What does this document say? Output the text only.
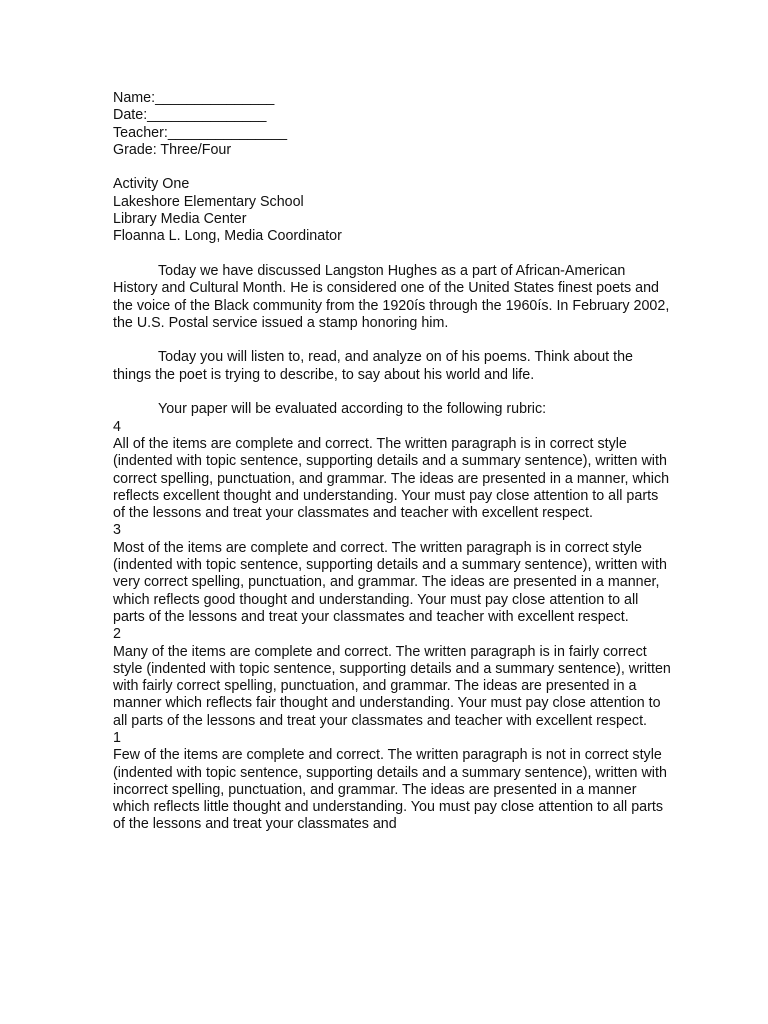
Name:_______________
Date:_______________
Teacher:_______________
Grade: Three/Four
Activity One
Lakeshore Elementary School
Library Media Center
Floanna L. Long, Media Coordinator

Today we have discussed Langston Hughes as a part of African-American History and Cultural Month. He is considered one of the United States finest poets and the voice of the Black community from the 1920ís through the 1960ís. In February 2002, the U.S. Postal service issued a stamp honoring him.

Today you will listen to, read, and analyze on of his poems. Think about the things the poet is trying to describe, to say about his world and life.

Your paper will be evaluated according to the following rubric:

4

All of the items are complete and correct. The written paragraph is in correct style (indented with topic sentence, supporting details and a summary sentence), written with correct spelling, punctuation, and grammar. The ideas are presented in a manner, which reflects excellent thought and understanding. Your must pay close attention to all parts of the lessons and treat your classmates and teacher with excellent respect.

3

Most of the items are complete and correct. The written paragraph is in correct style (indented with topic sentence, supporting details and a summary sentence), written with very correct spelling, punctuation, and grammar. The ideas are presented in a manner, which reflects good thought and understanding. Your must pay close attention to all parts of the lessons and treat your classmates and teacher with excellent respect.

2

Many of the items are complete and correct. The written paragraph is in fairly correct style (indented with topic sentence, supporting details and a summary sentence), written with fairly correct spelling, punctuation, and grammar. The ideas are presented in a manner which reflects fair thought and understanding. Your must pay close attention to all parts of the lessons and treat your classmates and teacher with excellent respect.

1

Few of the items are complete and correct. The written paragraph is not in correct style (indented with topic sentence, supporting details and a summary sentence), written with incorrect spelling, punctuation, and grammar. The ideas are presented in a manner which reflects little thought and understanding. You must pay close attention to all parts of the lessons and treat your classmates and
